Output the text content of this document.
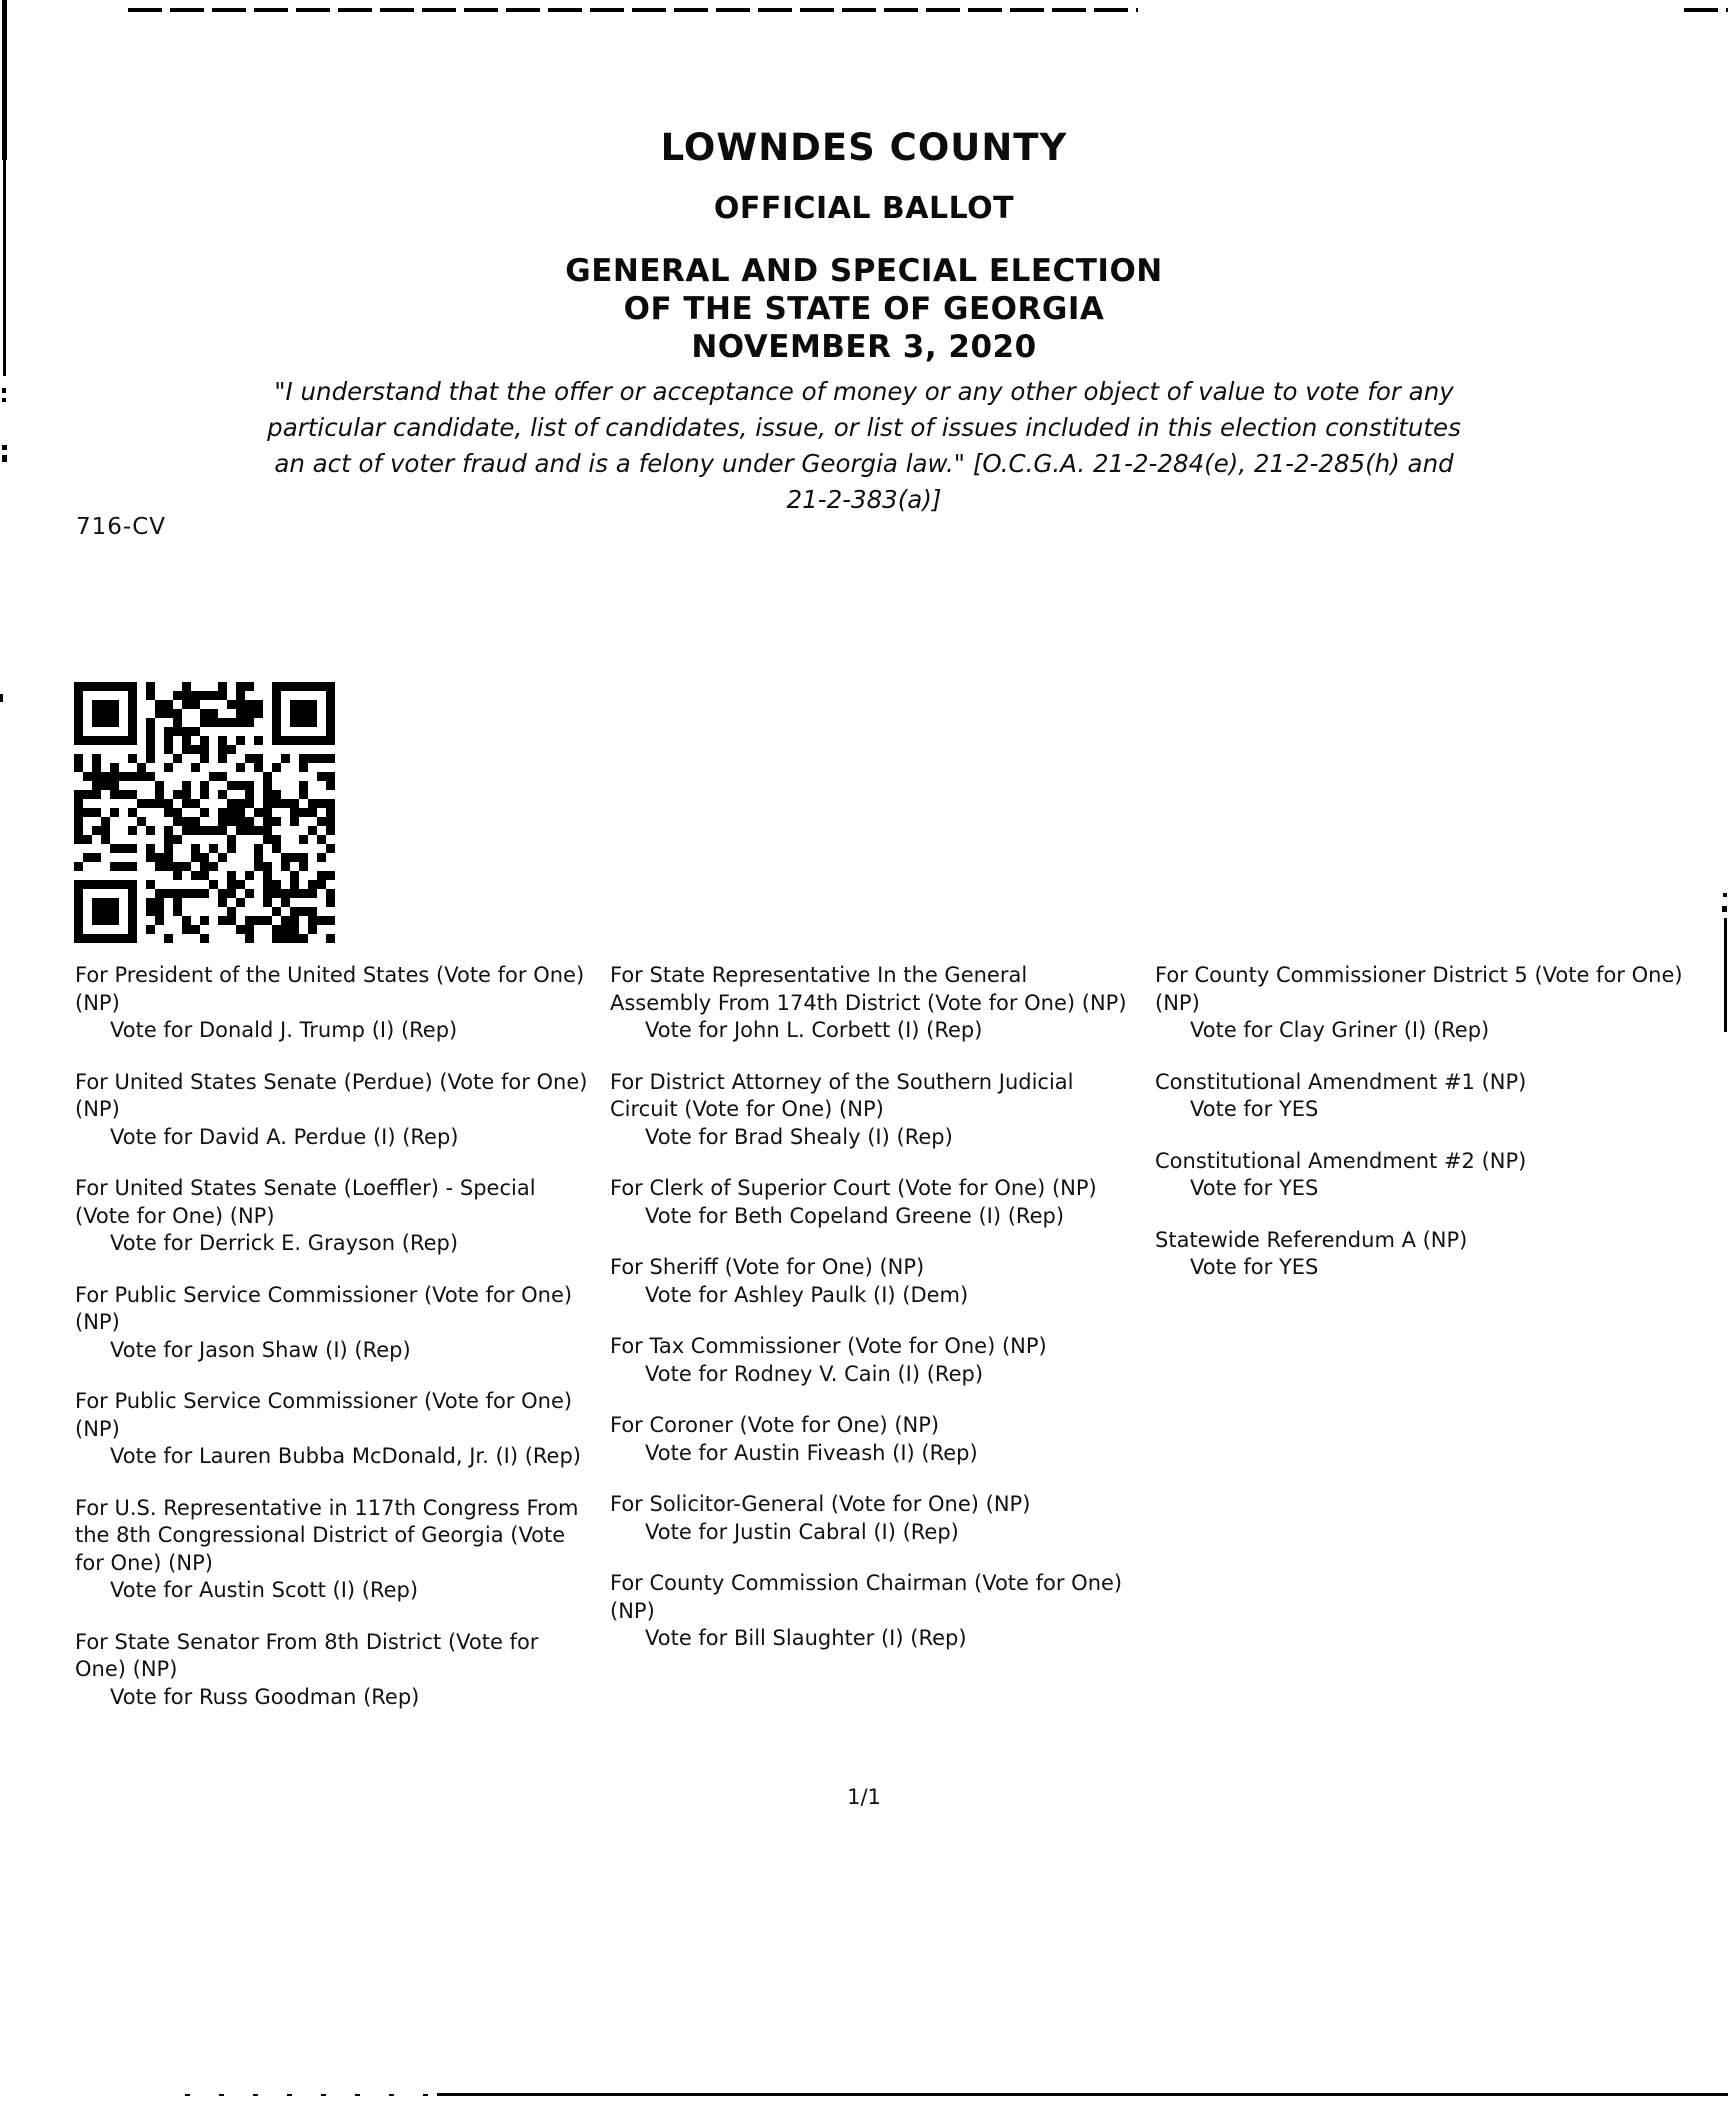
LOWNDES COUNTY
OFFICIAL BALLOT
GENERAL AND SPECIAL ELECTION
OF THE STATE OF GEORGIA
NOVEMBER 3, 2020
"I understand that the offer or acceptance of money or any other object of value to vote for any particular candidate, list of candidates, issue, or list of issues included in this election constitutes an act of voter fraud and is a felony under Georgia law." [O.C.G.A. 21-2-284(e), 21-2-285(h) and 21-2-383(a)]
716-CV
For President of the United States (Vote for One) (NP)
Vote for Donald J. Trump (I) (Rep)
For United States Senate (Perdue) (Vote for One) (NP)
Vote for David A. Perdue (I) (Rep)
For United States Senate (Loeffler) - Special (Vote for One) (NP)
Vote for Derrick E. Grayson (Rep)
For Public Service Commissioner (Vote for One) (NP)
Vote for Jason Shaw (I) (Rep)
For Public Service Commissioner (Vote for One) (NP)
Vote for Lauren Bubba McDonald, Jr. (I) (Rep)
For U.S. Representative in 117th Congress From the 8th Congressional District of Georgia (Vote for One) (NP)
Vote for Austin Scott (I) (Rep)
For State Senator From 8th District (Vote for One) (NP)
Vote for Russ Goodman (Rep)
For State Representative In the General Assembly From 174th District (Vote for One) (NP)
Vote for John L. Corbett (I) (Rep)
For District Attorney of the Southern Judicial Circuit (Vote for One) (NP)
Vote for Brad Shealy (I) (Rep)
For Clerk of Superior Court (Vote for One) (NP)
Vote for Beth Copeland Greene (I) (Rep)
For Sheriff (Vote for One) (NP)
Vote for Ashley Paulk (I) (Dem)
For Tax Commissioner (Vote for One) (NP)
Vote for Rodney V. Cain (I) (Rep)
For Coroner (Vote for One) (NP)
Vote for Austin Fiveash (I) (Rep)
For Solicitor-General (Vote for One) (NP)
Vote for Justin Cabral (I) (Rep)
For County Commission Chairman (Vote for One) (NP)
Vote for Bill Slaughter (I) (Rep)
For County Commissioner District 5 (Vote for One) (NP)
Vote for Clay Griner (I) (Rep)
Constitutional Amendment #1 (NP)
Vote for YES
Constitutional Amendment #2 (NP)
Vote for YES
Statewide Referendum A (NP)
Vote for YES
1/1
